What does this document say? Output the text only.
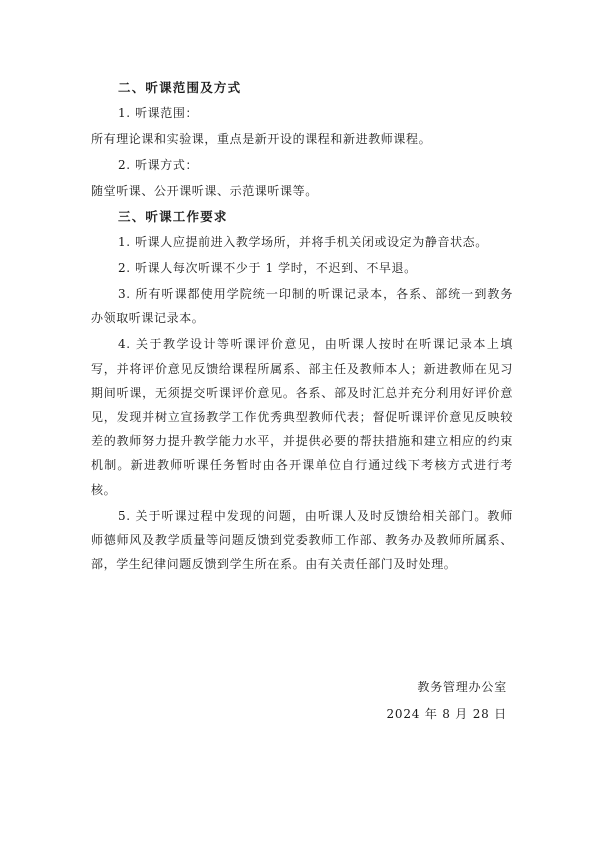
二、听课范围及方式
1. 听课范围：
所有理论课和实验课，重点是新开设的课程和新进教师课程。
2. 听课方式：
随堂听课、公开课听课、示范课听课等。
三、听课工作要求
1. 听课人应提前进入教学场所，并将手机关闭或设定为静音状态。
2. 听课人每次听课不少于 1 学时，不迟到、不早退。
3. 所有听课都使用学院统一印制的听课记录本，各系、部统一到教务办领取听课记录本。
4. 关于教学设计等听课评价意见，由听课人按时在听课记录本上填写，并将评价意见反馈给课程所属系、部主任及教师本人；新进教师在见习期间听课，无须提交听课评价意见。各系、部及时汇总并充分利用好评价意见，发现并树立宣扬教学工作优秀典型教师代表；督促听课评价意见反映较差的教师努力提升教学能力水平，并提供必要的帮扶措施和建立相应的约束机制。新进教师听课任务暂时由各开课单位自行通过线下考核方式进行考核。
5. 关于听课过程中发现的问题，由听课人及时反馈给相关部门。教师师德师风及教学质量等问题反馈到党委教师工作部、教务办及教师所属系、部，学生纪律问题反馈到学生所在系。由有关责任部门及时处理。
教务管理办公室
2024 年 8 月 28 日
